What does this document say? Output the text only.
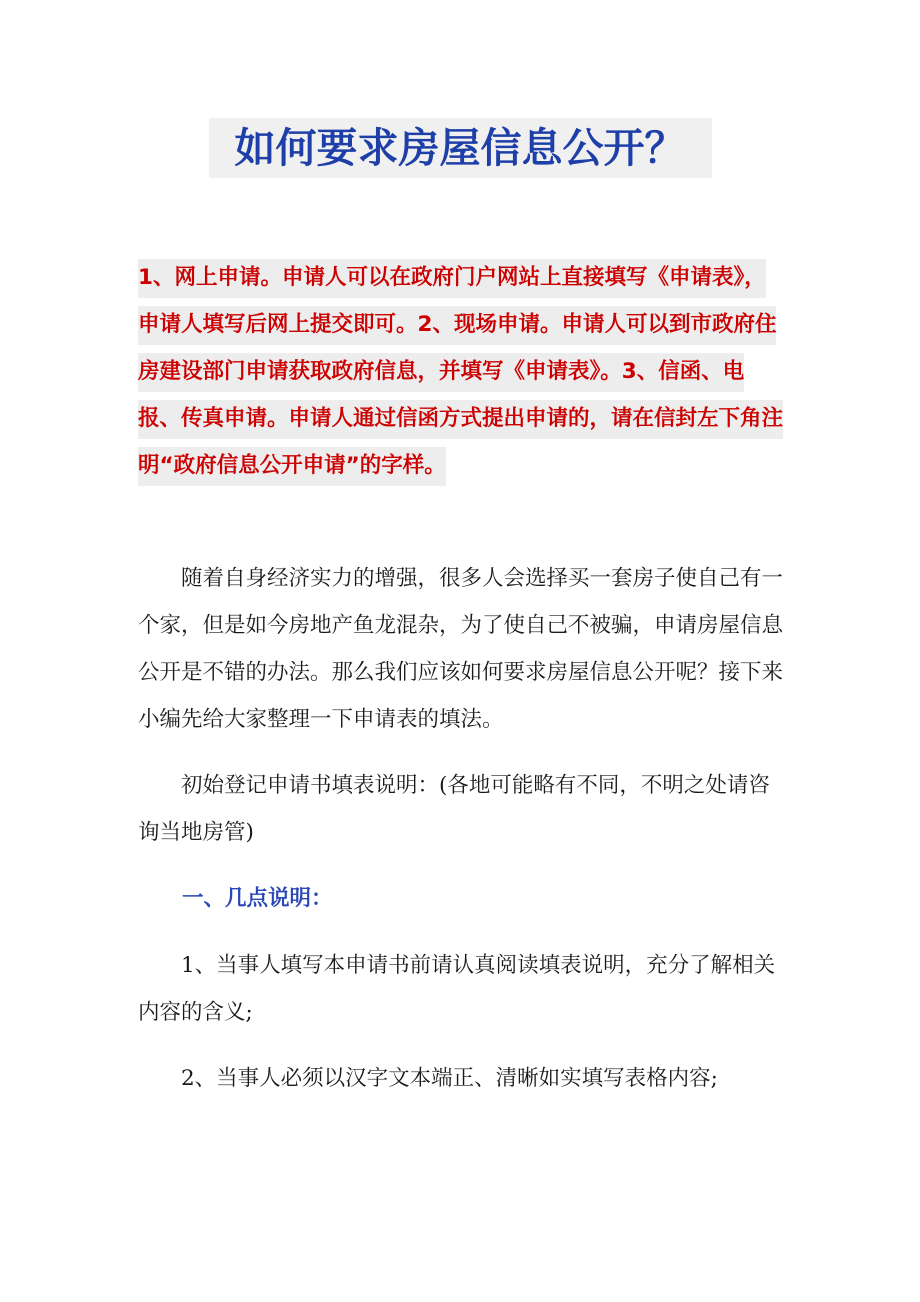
如何要求房屋信息公开？
1、网上申请。申请人可以在政府门户网站上直接填写《申请表》，申请人填写后网上提交即可。2、现场申请。申请人可以到市政府住房建设部门申请获取政府信息，并填写《申请表》。3、信函、电报、传真申请。申请人通过信函方式提出申请的，请在信封左下角注明“政府信息公开申请”的字样。
随着自身经济实力的增强，很多人会选择买一套房子使自己有一个家，但是如今房地产鱼龙混杂，为了使自己不被骗，申请房屋信息公开是不错的办法。那么我们应该如何要求房屋信息公开呢？接下来小编先给大家整理一下申请表的填法。
初始登记申请书填表说明：(各地可能略有不同，不明之处请咨询当地房管)
一、几点说明：
1、当事人填写本申请书前请认真阅读填表说明，充分了解相关内容的含义;
2、当事人必须以汉字文本端正、清晰如实填写表格内容;
